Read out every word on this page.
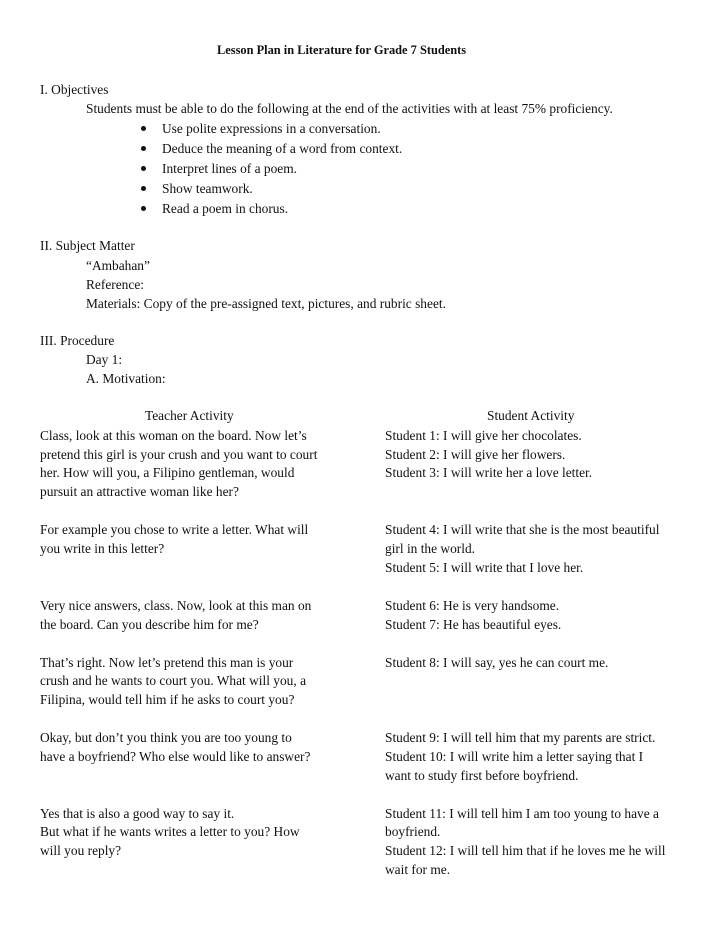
Lesson Plan in Literature for Grade 7 Students
I. Objectives
Students must be able to do the following at the end of the activities with at least 75% proficiency.
Use polite expressions in a conversation.
Deduce the meaning of a word from context.
Interpret lines of a poem.
Show teamwork.
Read a poem in chorus.
II. Subject Matter
“Ambahan”
Reference:
Materials: Copy of the pre-assigned text, pictures, and rubric sheet.
III. Procedure
Day 1:
A. Motivation:
Teacher Activity	Student Activity
Class, look at this woman on the board. Now let’s
pretend this girl is your crush and you want to court
her. How will you, a Filipino gentleman, would
pursuit an attractive woman like her?
For example you chose to write a letter. What will
you write in this letter?
Very nice answers, class. Now, look at this man on
the board. Can you describe him for me?
That’s right. Now let’s pretend this man is your
crush and he wants to court you. What will you, a
Filipina, would tell him if he asks to court you?
Okay, but don’t you think you are too young to
have a boyfriend? Who else would like to answer?
Yes that is also a good way to say it.
But what if he wants writes a letter to you? How
will you reply?
Student 1: I will give her chocolates.
Student 2: I will give her flowers.
Student 3: I will write her a love letter.
Student 4: I will write that she is the most beautiful
girl in the world.
Student 5: I will write that I love her.
Student 6: He is very handsome.
Student 7: He has beautiful eyes.
Student 8: I will say, yes he can court me.
Student 9: I will tell him that my parents are strict.
Student 10: I will write him a letter saying that I
want to study first before boyfriend.
Student 11: I will tell him I am too young to have a
boyfriend.
Student 12: I will tell him that if he loves me he will
wait for me.
